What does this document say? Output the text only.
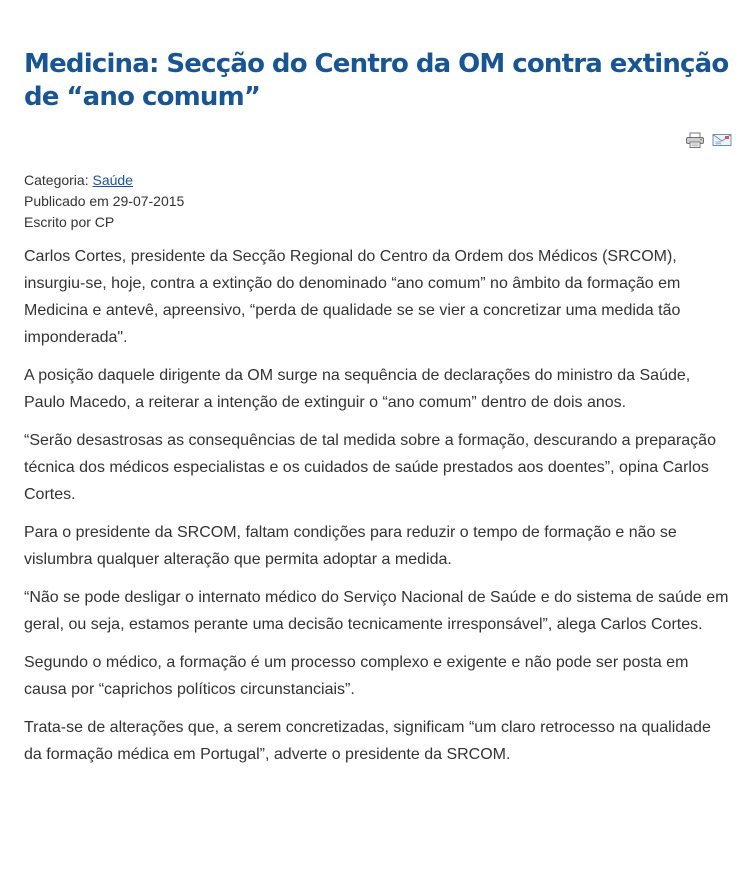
Medicina: Secção do Centro da OM contra extinção de “ano comum”
Categoria: Saúde
Publicado em 29-07-2015
Escrito por CP

Carlos Cortes, presidente da Secção Regional do Centro da Ordem dos Médicos (SRCOM), insurgiu-se, hoje, contra a extinção do denominado “ano comum” no âmbito da formação em Medicina e antevê, apreensivo, “perda de qualidade se se vier a concretizar uma medida tão imponderada".

A posição daquele dirigente da OM surge na sequência de declarações do ministro da Saúde, Paulo Macedo, a reiterar a intenção de extinguir o “ano comum” dentro de dois anos.

“Serão desastrosas as consequências de tal medida sobre a formação, descurando a preparação técnica dos médicos especialistas e os cuidados de saúde prestados aos doentes”, opina Carlos Cortes.

Para o presidente da SRCOM, faltam condições para reduzir o tempo de formação e não se vislumbra qualquer alteração que permita adoptar a medida.

“Não se pode desligar o internato médico do Serviço Nacional de Saúde e do sistema de saúde em geral, ou seja, estamos perante uma decisão tecnicamente irresponsável”, alega Carlos Cortes.

Segundo o médico, a formação é um processo complexo e exigente e não pode ser posta em causa por “caprichos políticos circunstanciais”.

Trata-se de alterações que, a serem concretizadas, significam “um claro retrocesso na qualidade da formação médica em Portugal”, adverte o presidente da SRCOM.
